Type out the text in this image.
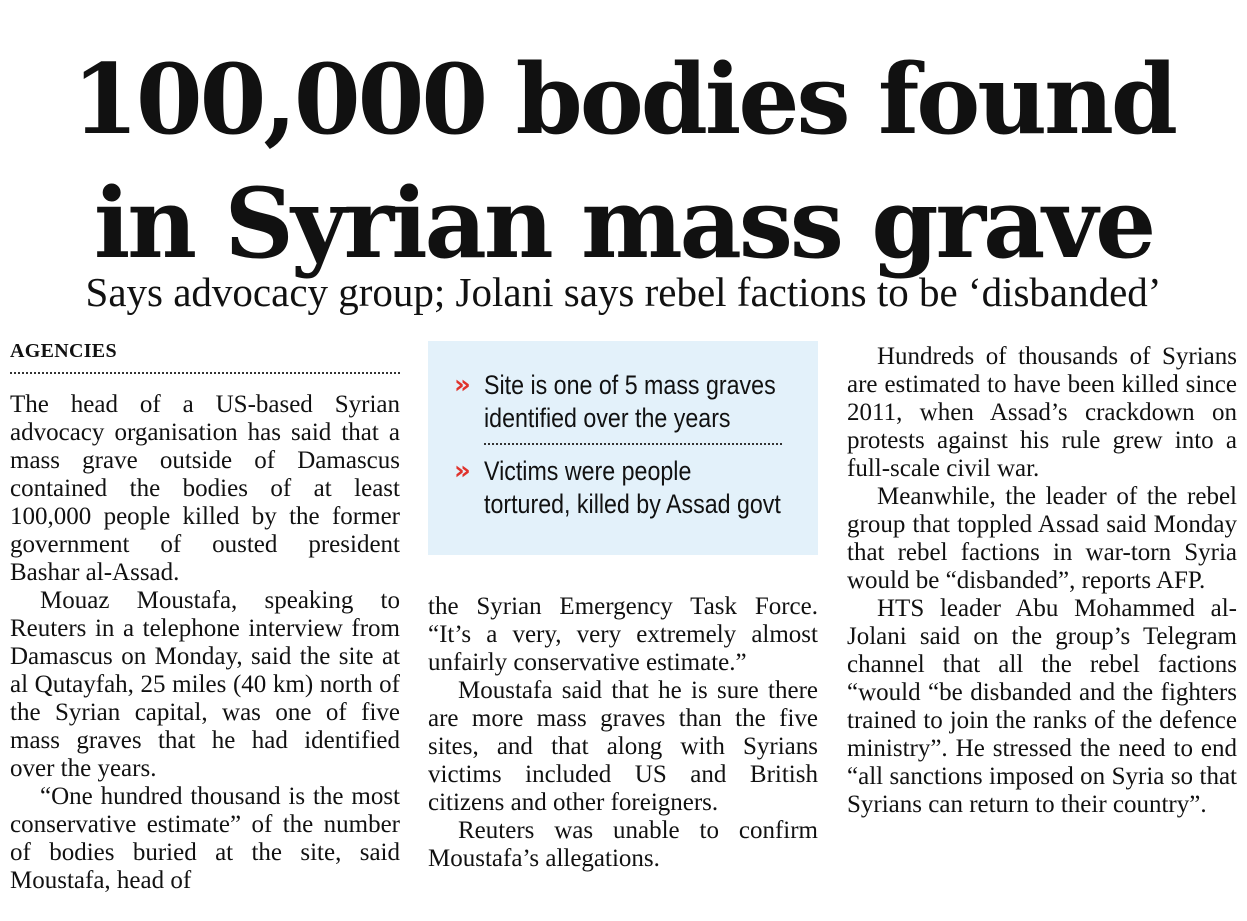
100,000 bodies found
in Syrian mass grave
Says advocacy group; Jolani says rebel factions to be ‘disbanded’
AGENCIES

The head of a US-based Syrian advocacy organisation has said that a mass grave outside of Damascus contained the bodies of at least 100,000 people killed by the former government of ousted president Bashar al-Assad.

Mouaz Moustafa, speaking to Reuters in a telephone interview from Damascus on Monday, said the site at al Qutayfah, 25 miles (40 km) north of the Syrian capital, was one of five mass graves that he had identified over the years.

“One hundred thousand is the most conservative estimate” of the number of bodies buried at the site, said Moustafa, head of

» Site is one of 5 mass graves
identified over the years
» Victims were people
tortured, killed by Assad govt

the Syrian Emergency Task Force. “It’s a very, very extremely almost unfairly conservative estimate.”

Moustafa said that he is sure there are more mass graves than the five sites, and that along with Syrians victims included US and British citizens and other foreigners.

Reuters was unable to confirm Moustafa’s allegations.

Hundreds of thousands of Syrians are estimated to have been killed since 2011, when Assad’s crackdown on protests against his rule grew into a full-scale civil war.

Meanwhile, the leader of the rebel group that toppled Assad said Monday that rebel factions in war-torn Syria would be “disbanded”, reports AFP.

HTS leader Abu Mohammed al-Jolani said on the group’s Telegram channel that all the rebel factions “would “be disbanded and the fighters trained to join the ranks of the defence ministry”. He stressed the need to end “all sanctions imposed on Syria so that Syrians can return to their country”.
